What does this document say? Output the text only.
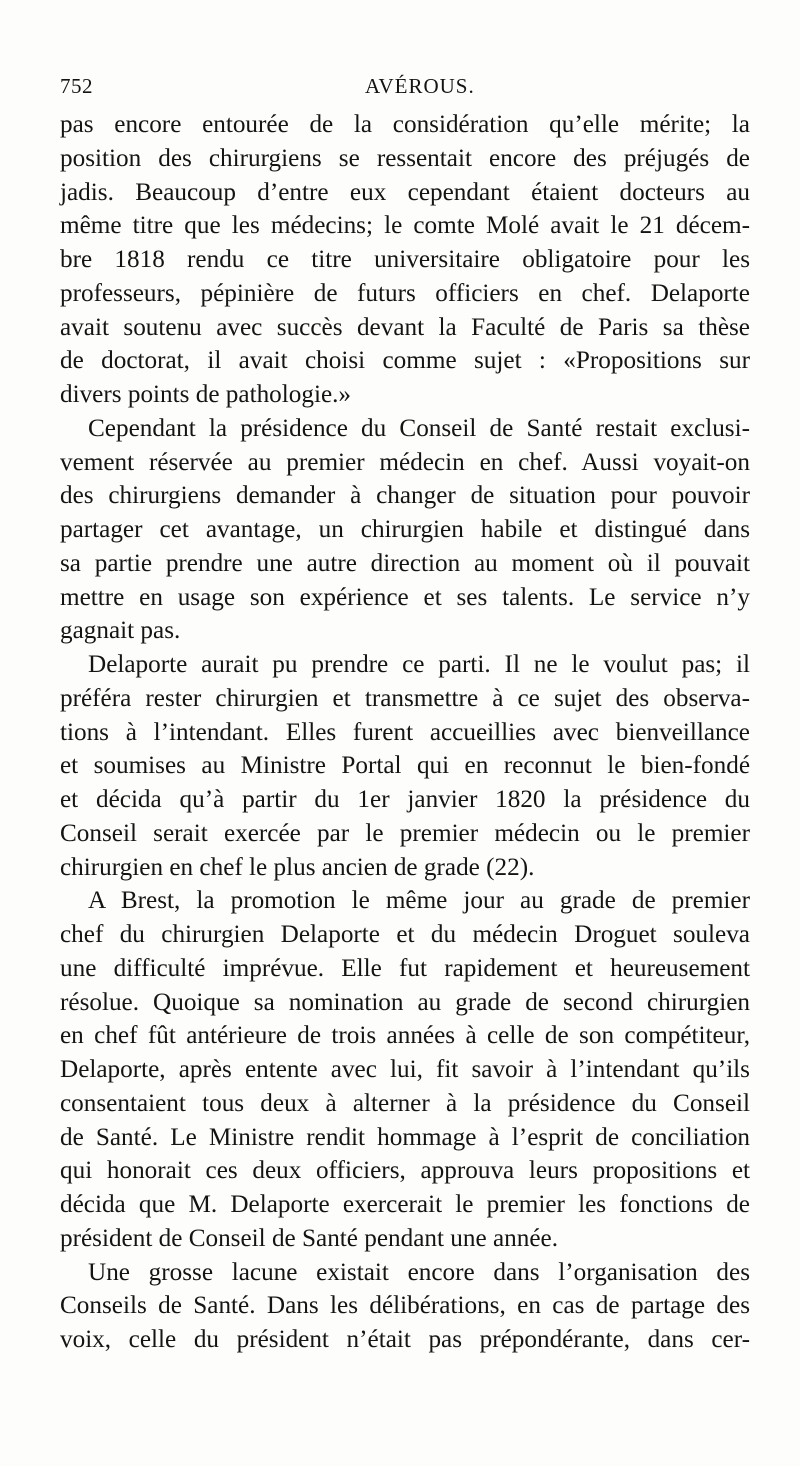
752	AVÉROUS.
pas encore entourée de la considération qu’elle mérite; la
position des chirurgiens se ressentait encore des préjugés de
jadis. Beaucoup d’entre eux cependant étaient docteurs au
même titre que les médecins; le comte Molé avait le 21 décem-
bre 1818 rendu ce titre universitaire obligatoire pour les
professeurs, pépinière de futurs officiers en chef. Delaporte
avait soutenu avec succès devant la Faculté de Paris sa thèse
de doctorat, il avait choisi comme sujet : «Propositions sur
divers points de pathologie.»
Cependant la présidence du Conseil de Santé restait exclusi-
vement réservée au premier médecin en chef. Aussi voyait-on
des chirurgiens demander à changer de situation pour pouvoir
partager cet avantage, un chirurgien habile et distingué dans
sa partie prendre une autre direction au moment où il pouvait
mettre en usage son expérience et ses talents. Le service n’y
gagnait pas.
Delaporte aurait pu prendre ce parti. Il ne le voulut pas; il
préféra rester chirurgien et transmettre à ce sujet des observa-
tions à l’intendant. Elles furent accueillies avec bienveillance
et soumises au Ministre Portal qui en reconnut le bien-fondé
et décida qu’à partir du 1er janvier 1820 la présidence du
Conseil serait exercée par le premier médecin ou le premier
chirurgien en chef le plus ancien de grade (22).
A Brest, la promotion le même jour au grade de premier
chef du chirurgien Delaporte et du médecin Droguet souleva
une difficulté imprévue. Elle fut rapidement et heureusement
résolue. Quoique sa nomination au grade de second chirurgien
en chef fût antérieure de trois années à celle de son compétiteur,
Delaporte, après entente avec lui, fit savoir à l’intendant qu’ils
consentaient tous deux à alterner à la présidence du Conseil
de Santé. Le Ministre rendit hommage à l’esprit de conciliation
qui honorait ces deux officiers, approuva leurs propositions et
décida que M. Delaporte exercerait le premier les fonctions de
président de Conseil de Santé pendant une année.
Une grosse lacune existait encore dans l’organisation des
Conseils de Santé. Dans les délibérations, en cas de partage des
voix, celle du président n’était pas prépondérante, dans cer-
